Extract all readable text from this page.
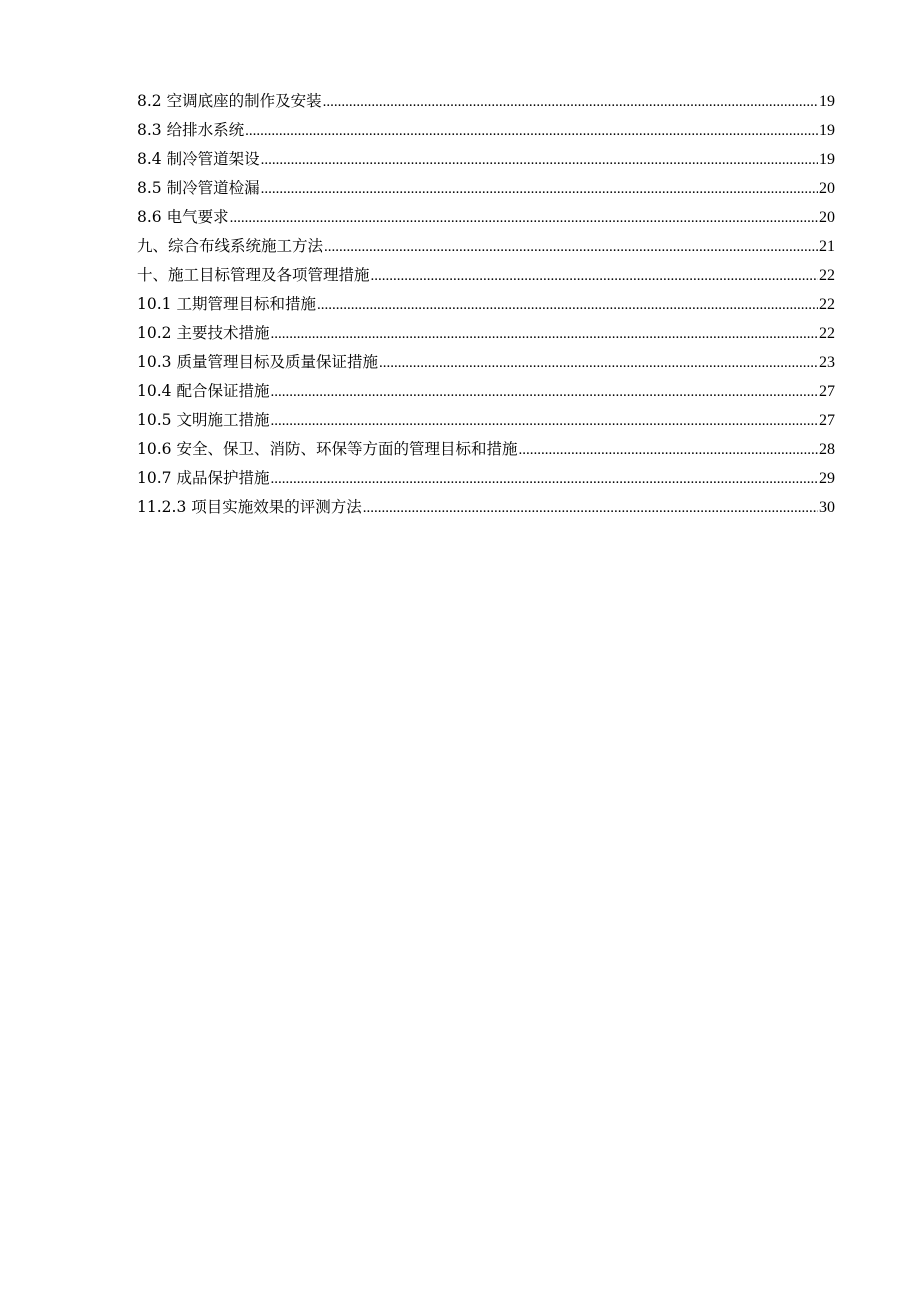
8.2 空调底座的制作及安装 .....	19
8.3 给排水系统 .....	19
8.4 制冷管道架设 .....	19
8.5 制冷管道检漏 .....	20
8.6 电气要求 .....	20
九、综合布线系统施工方法 .....	21
十、施工目标管理及各项管理措施 .....	22
10.1 工期管理目标和措施 .....	22
10.2 主要技术措施 .....	22
10.3 质量管理目标及质量保证措施 .....	23
10.4 配合保证措施 .....	27
10.5 文明施工措施 .....	27
10.6 安全、保卫、消防、环保等方面的管理目标和措施 .....	28
10.7 成品保护措施 .....	29
11.2.3 项目实施效果的评测方法 .....	30
